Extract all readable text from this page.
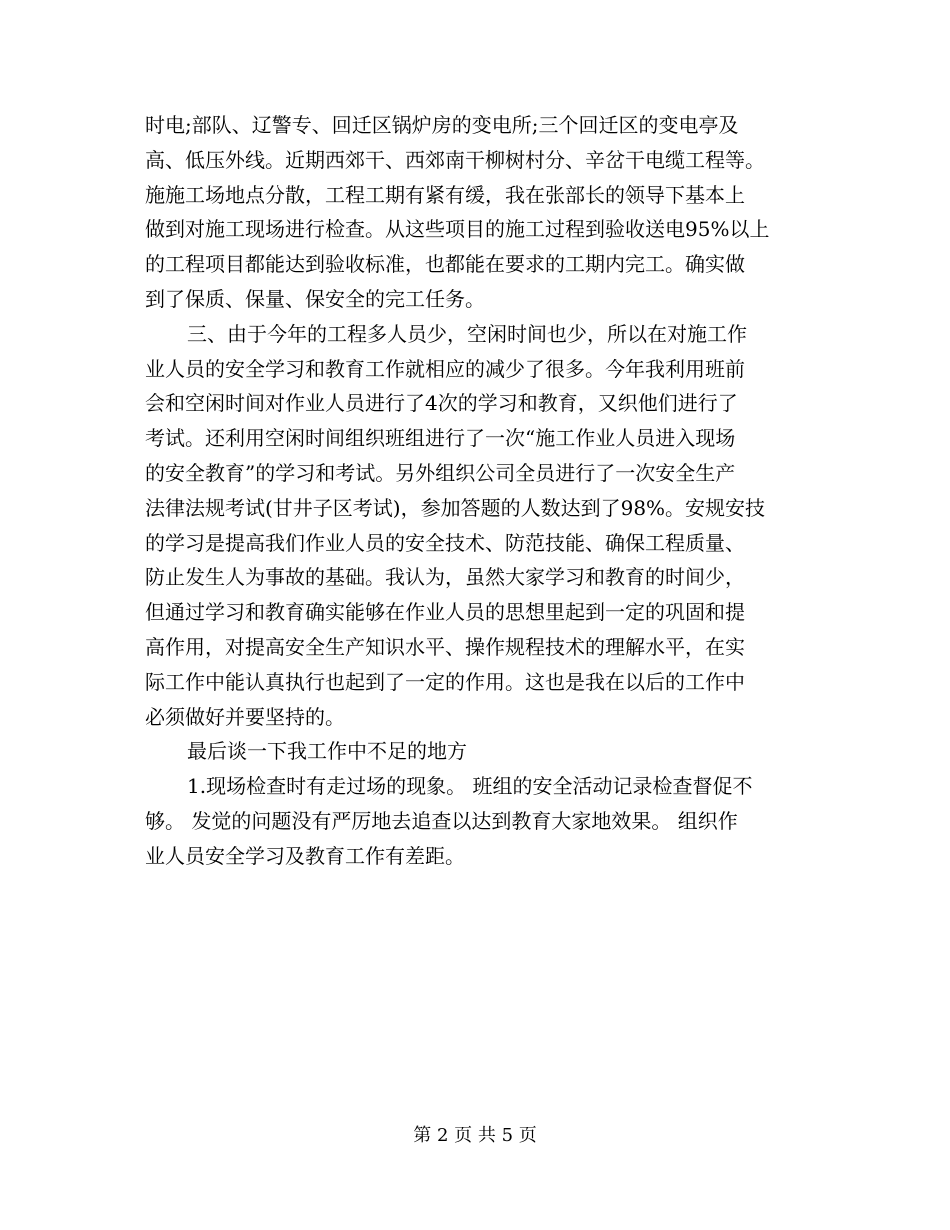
时电;部队、辽警专、回迁区锅炉房的变电所;三个回迁区的变电亭及
高、低压外线。近期西郊干、西郊南干柳树村分、辛岔干电缆工程等。
施施工场地点分散，工程工期有紧有缓，我在张部长的领导下基本上
做到对施工现场进行检查。从这些项目的施工过程到验收送电95%以上
的工程项目都能达到验收标准，也都能在要求的工期内完工。确实做
到了保质、保量、保安全的完工任务。
三、由于今年的工程多人员少，空闲时间也少，所以在对施工作
业人员的安全学习和教育工作就相应的减少了很多。今年我利用班前
会和空闲时间对作业人员进行了4次的学习和教育，又织他们进行了
考试。还利用空闲时间组织班组进行了一次“施工作业人员进入现场
的安全教育”的学习和考试。另外组织公司全员进行了一次安全生产
法律法规考试(甘井子区考试)，参加答题的人数达到了98%。安规安技
的学习是提高我们作业人员的安全技术、防范技能、确保工程质量、
防止发生人为事故的基础。我认为，虽然大家学习和教育的时间少，
但通过学习和教育确实能够在作业人员的思想里起到一定的巩固和提
高作用，对提高安全生产知识水平、操作规程技术的理解水平，在实
际工作中能认真执行也起到了一定的作用。这也是我在以后的工作中
必须做好并要坚持的。
最后谈一下我工作中不足的地方
1.现场检查时有走过场的现象。 班组的安全活动记录检查督促不
够。 发觉的问题没有严厉地去追查以达到教育大家地效果。 组织作
业人员安全学习及教育工作有差距。
第 2 页 共 5 页
